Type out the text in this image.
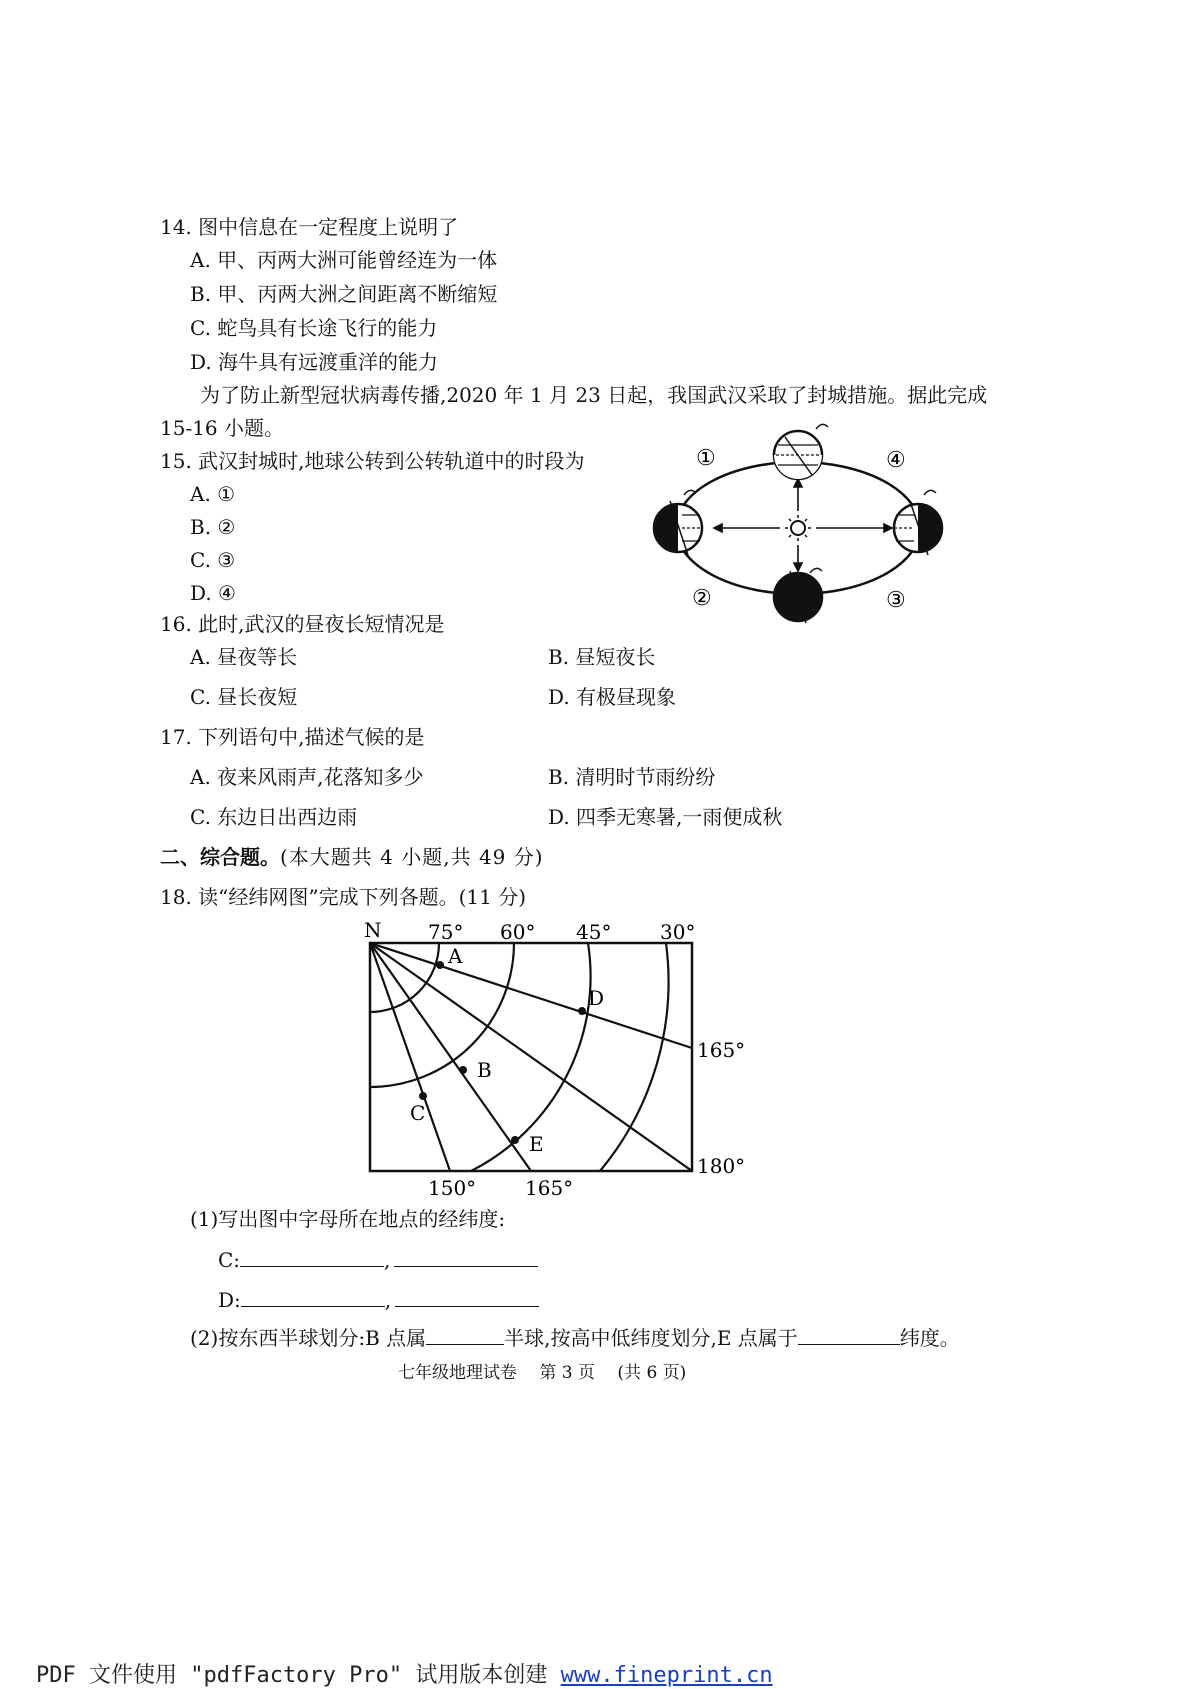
14. 图中信息在一定程度上说明了
A. 甲、丙两大洲可能曾经连为一体
B. 甲、丙两大洲之间距离不断缩短
C. 蛇鸟具有长途飞行的能力
D. 海牛具有远渡重洋的能力
为了防止新型冠状病毒传播,2020 年 1 月 23 日起，我国武汉采取了封城措施。据此完成
15-16 小题。
15. 武汉封城时,地球公转到公转轨道中的时段为
A. ①
B. ②
C. ③
D. ④
①	④
②	③
16. 此时,武汉的昼夜长短情况是
A. 昼夜等长	B. 昼短夜长
C. 昼长夜短	D. 有极昼现象
17. 下列语句中,描述气候的是
A. 夜来风雨声,花落知多少	B. 清明时节雨纷纷
C. 东边日出西边雨	D. 四季无寒暑,一雨便成秋
二、综合题。(本大题共 4 小题,共 49 分)
18. 读“经纬网图”完成下列各题。(11 分)
N 75° 60° 45° 30°
165°
180°
150° 165°
A
B
C
D
E
(1)写出图中字母所在地点的经纬度:
C:	,
D:	,
(2)按东西半球划分:B 点属	半球,按高中低纬度划分,E 点属于	纬度。
七年级地理试卷　 第 3 页　 (共 6 页)
PDF 文件使用 "pdfFactory Pro" 试用版本创建 www.fineprint.cn
